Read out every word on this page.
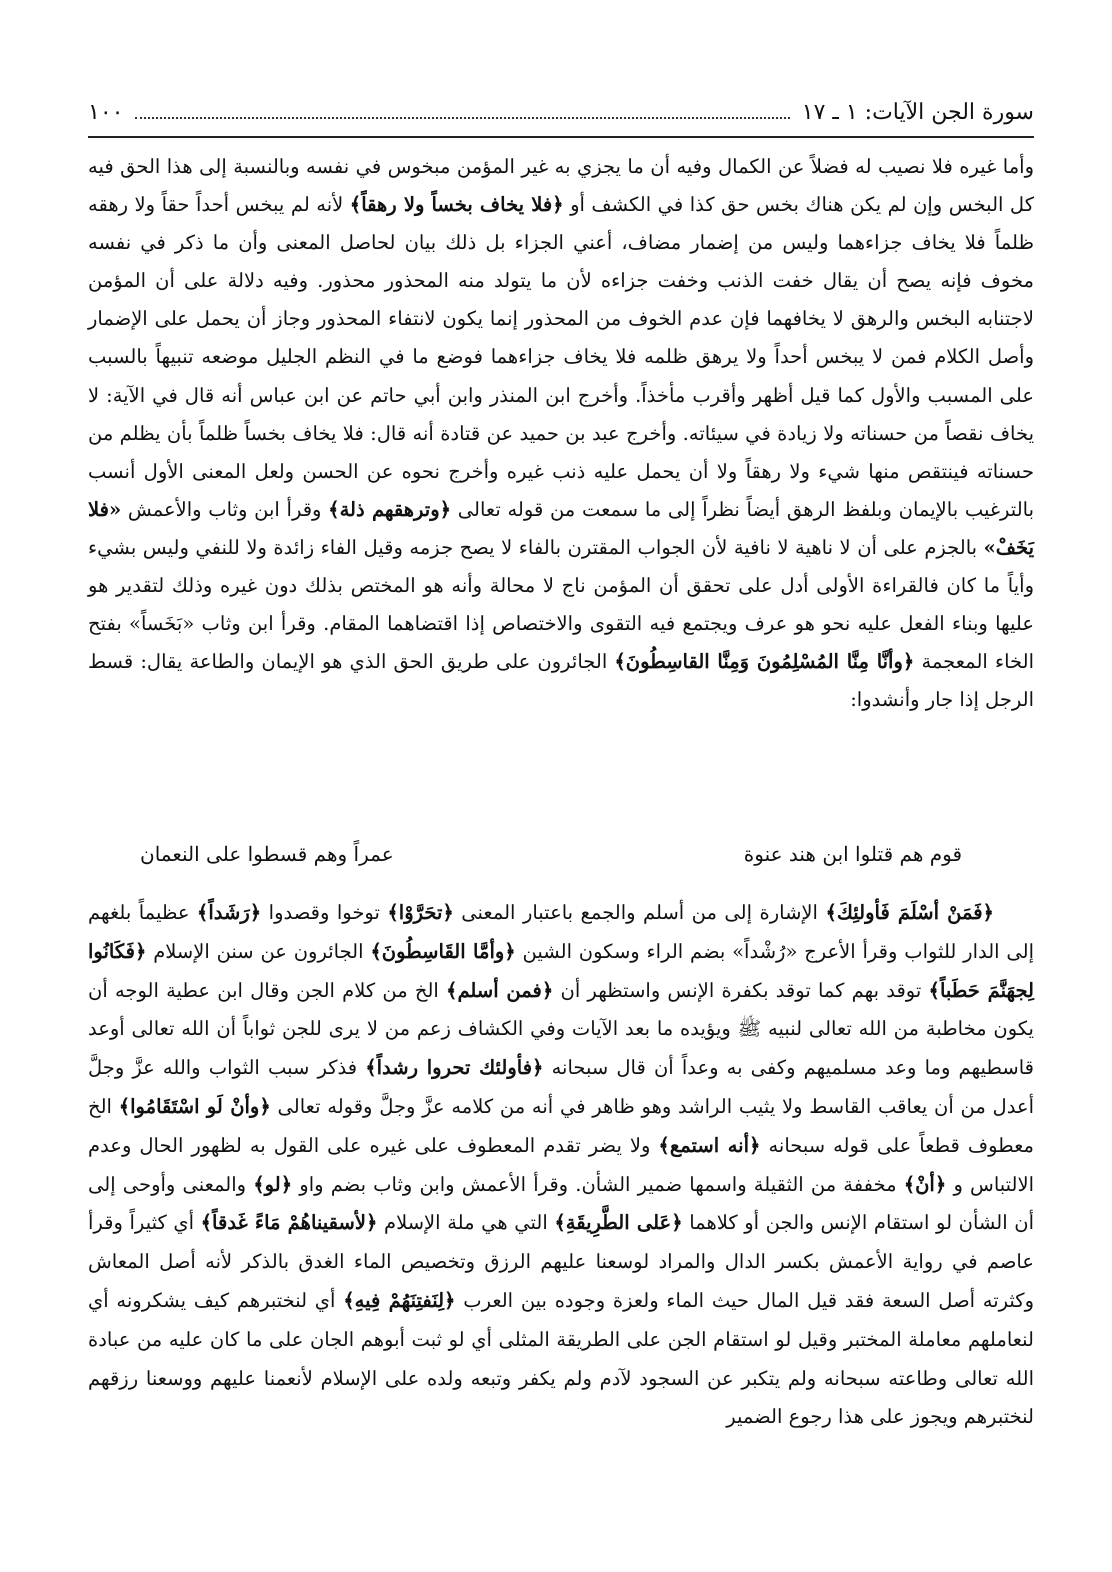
سورة الجن الآيات: ١ ـ ١٧
١٠٠

وأما غيره فلا نصيب له فضلاً عن الكمال وفيه أن ما يجزي به غير المؤمن مبخوس في نفسه وبالنسبة إلى هذا الحق فيه كل البخس وإن لم يكن هناك بخس حق كذا في الكشف أو ﴿فلا يخاف بخساً ولا رهقاً﴾ لأنه لم يبخس أحداً حقاً ولا رهقه ظلماً فلا يخاف جزاءهما وليس من إضمار مضاف، أعني الجزاء بل ذلك بيان لحاصل المعنى وأن ما ذكر في نفسه مخوف فإنه يصح أن يقال خفت الذنب وخفت جزاءه لأن ما يتولد منه المحذور محذور. وفيه دلالة على أن المؤمن لاجتنابه البخس والرهق لا يخافهما فإن عدم الخوف من المحذور إنما يكون لانتفاء المحذور وجاز أن يحمل على الإضمار وأصل الكلام فمن لا يبخس أحداً ولا يرهق ظلمه فلا يخاف جزاءهما فوضع ما في النظم الجليل موضعه تنبيهاً بالسبب على المسبب والأول كما قيل أظهر وأقرب مأخذاً. وأخرج ابن المنذر وابن أبي حاتم عن ابن عباس أنه قال في الآية: لا يخاف نقصاً من حسناته ولا زيادة في سيئاته. وأخرج عبد بن حميد عن قتادة أنه قال: فلا يخاف بخساً ظلماً بأن يظلم من حسناته فينتقص منها شيء ولا رهقاً ولا أن يحمل عليه ذنب غيره وأخرج نحوه عن الحسن ولعل المعنى الأول أنسب بالترغيب بالإيمان وبلفظ الرهق أيضاً نظراً إلى ما سمعت من قوله تعالى ﴿وترهقهم ذلة﴾ وقرأ ابن وثاب والأعمش «فلا يَخَفْ» بالجزم على أن لا ناهية لا نافية لأن الجواب المقترن بالفاء لا يصح جزمه وقيل الفاء زائدة ولا للنفي وليس بشيء وأياً ما كان فالقراءة الأولى أدل على تحقق أن المؤمن ناج لا محالة وأنه هو المختص بذلك دون غيره وذلك لتقدير هو عليها وبناء الفعل عليه نحو هو عرف ويجتمع فيه التقوى والاختصاص إذا اقتضاهما المقام. وقرأ ابن وثاب «بَخَساً» بفتح الخاء المعجمة ﴿وأنَّا مِنَّا المُسْلِمُونَ وَمِنَّا القاسِطُونَ﴾ الجائرون على طريق الحق الذي هو الإيمان والطاعة يقال: قسط الرجل إذا جار وأنشدوا:

قوم هم قتلوا ابن هند عنوة
عمراً وهم قسطوا على النعمان

﴿فَمَنْ أسْلَمَ فَأولئِكَ﴾ الإشارة إلى من أسلم والجمع باعتبار المعنى ﴿تحَرَّوْا﴾ توخوا وقصدوا ﴿رَشَداً﴾ عظيماً بلغهم إلى الدار للثواب وقرأ الأعرج «رُشْداً» بضم الراء وسكون الشين ﴿وأمَّا القَاسِطُونَ﴾ الجائرون عن سنن الإسلام ﴿فَكَانُوا لِجهَنَّمَ حَطَباً﴾ توقد بهم كما توقد بكفرة الإنس واستظهر أن ﴿فمن أسلم﴾ الخ من كلام الجن وقال ابن عطية الوجه أن يكون مخاطبة من الله تعالى لنبيه ﷺ ويؤيده ما بعد الآيات وفي الكشاف زعم من لا يرى للجن ثواباً أن الله تعالى أوعد قاسطيهم وما وعد مسلميهم وكفى به وعداً أن قال سبحانه ﴿فأولئك تحروا رشداً﴾ فذكر سبب الثواب والله عزَّ وجلَّ أعدل من أن يعاقب القاسط ولا يثيب الراشد وهو ظاهر في أنه من كلامه عزَّ وجلَّ وقوله تعالى ﴿وأنْ لَو اسْتَقَامُوا﴾ الخ معطوف قطعاً على قوله سبحانه ﴿أنه استمع﴾ ولا يضر تقدم المعطوف على غيره على القول به لظهور الحال وعدم الالتباس و ﴿أنْ﴾ مخففة من الثقيلة واسمها ضمير الشأن. وقرأ الأعمش وابن وثاب بضم واو ﴿لو﴾ والمعنى وأوحى إلى أن الشأن لو استقام الإنس والجن أو كلاهما ﴿عَلى الطَّرِيقَةِ﴾ التي هي ملة الإسلام ﴿لأسقيناهُمْ مَاءً غَدقاً﴾ أي كثيراً وقرأ عاصم في رواية الأعمش بكسر الدال والمراد لوسعنا عليهم الرزق وتخصيص الماء الغدق بالذكر لأنه أصل المعاش وكثرته أصل السعة فقد قيل المال حيث الماء ولعزة وجوده بين العرب ﴿لِنَفتِنَهُمْ فِيهِ﴾ أي لنختبرهم كيف يشكرونه أي لنعاملهم معاملة المختبر وقيل لو استقام الجن على الطريقة المثلى أي لو ثبت أبوهم الجان على ما كان عليه من عبادة الله تعالى وطاعته سبحانه ولم يتكبر عن السجود لآدم ولم يكفر وتبعه ولده على الإسلام لأنعمنا عليهم ووسعنا رزقهم لنختبرهم ويجوز على هذا رجوع الضمير
